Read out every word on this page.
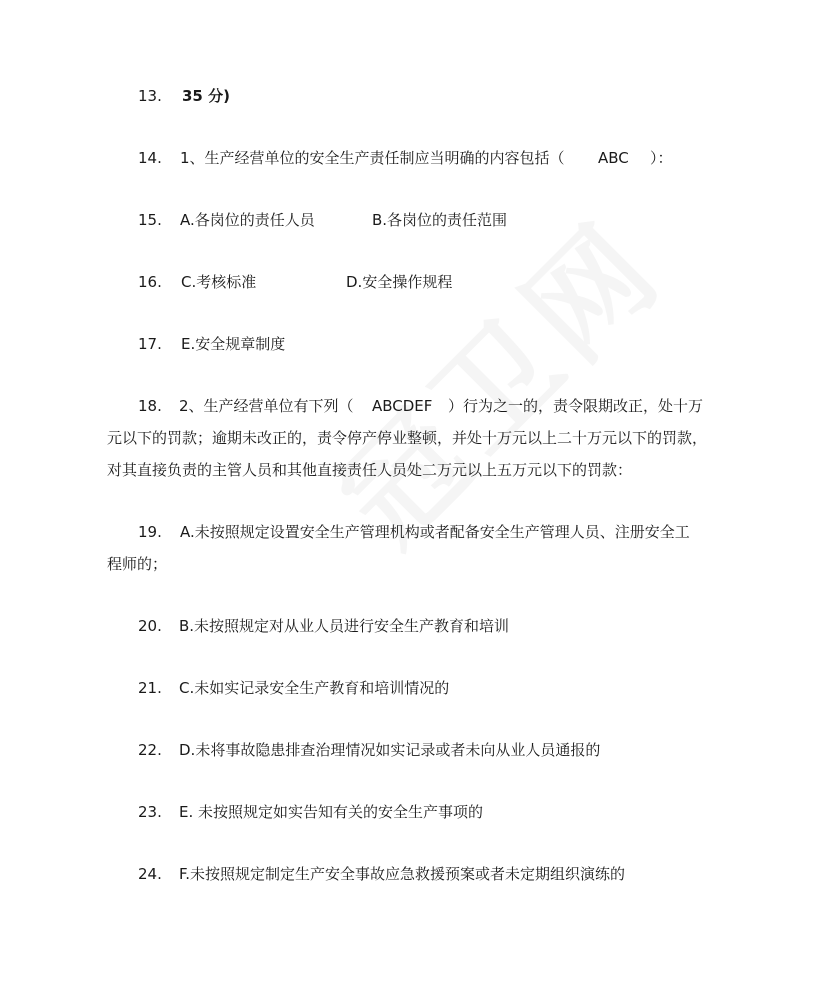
13. 35 分)
14. 1、生产经营单位的安全生产责任制应当明确的内容包括（ ABC ）：
15. A.各岗位的责任人员	B.各岗位的责任范围
16. C.考核标准	D.安全操作规程
17. E.安全规章制度
18. 2、生产经营单位有下列（ ABCDEF ）行为之一的，责令限期改正，处十万
元以下的罚款；逾期未改正的，责令停产停业整顿，并处十万元以上二十万元以下的罚款，
对其直接负责的主管人员和其他直接责任人员处二万元以上五万元以下的罚款：
19. A.未按照规定设置安全生产管理机构或者配备安全生产管理人员、注册安全工
程师的；
20. B.未按照规定对从业人员进行安全生产教育和培训
21. C.未如实记录安全生产教育和培训情况的
22. D.未将事故隐患排查治理情况如实记录或者未向从业人员通报的
23. E. 未按照规定如实告知有关的安全生产事项的
24. F.未按照规定制定生产安全事故应急救援预案或者未定期组织演练的
